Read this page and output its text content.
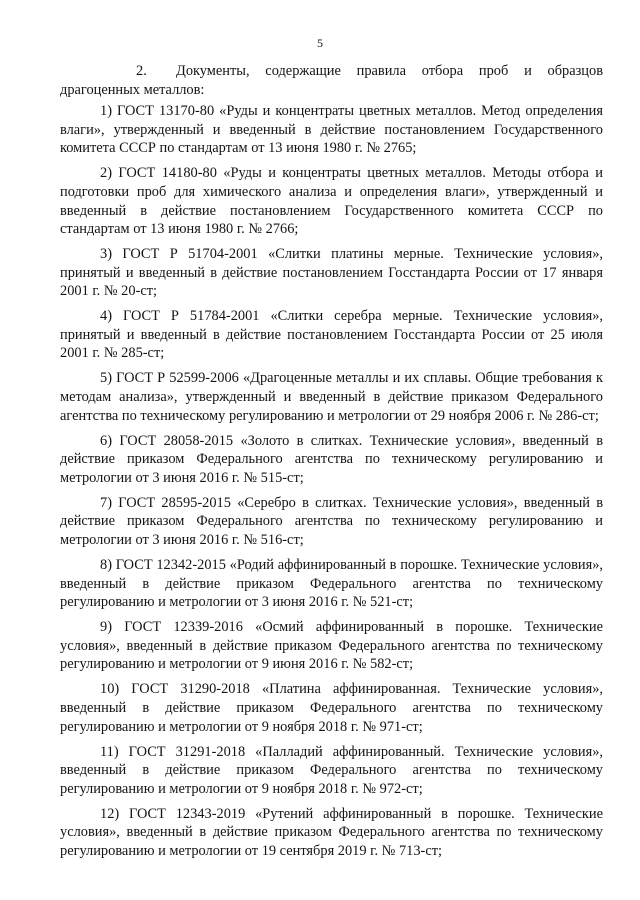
5

2. Документы, содержащие правила отбора проб и образцов драгоценных металлов:

1) ГОСТ 13170-80 «Руды и концентраты цветных металлов. Метод определения влаги», утвержденный и введенный в действие постановлением Государственного комитета СССР по стандартам от 13 июня 1980 г. № 2765;

2) ГОСТ 14180-80 «Руды и концентраты цветных металлов. Методы отбора и подготовки проб для химического анализа и определения влаги», утвержденный и введенный в действие постановлением Государственного комитета СССР по стандартам от 13 июня 1980 г. № 2766;

3) ГОСТ Р 51704-2001 «Слитки платины мерные. Технические условия», принятый и введенный в действие постановлением Госстандарта России от 17 января 2001 г. № 20-ст;

4) ГОСТ Р 51784-2001 «Слитки серебра мерные. Технические условия», принятый и введенный в действие постановлением Госстандарта России от 25 июля 2001 г. № 285-ст;

5) ГОСТ Р 52599-2006 «Драгоценные металлы и их сплавы. Общие требования к методам анализа», утвержденный и введенный в действие приказом Федерального агентства по техническому регулированию и метрологии от 29 ноября 2006 г. № 286-ст;

6) ГОСТ 28058-2015 «Золото в слитках. Технические условия», введенный в действие приказом Федерального агентства по техническому регулированию и метрологии от 3 июня 2016 г. № 515-ст;

7) ГОСТ 28595-2015 «Серебро в слитках. Технические условия», введенный в действие приказом Федерального агентства по техническому регулированию и метрологии от 3 июня 2016 г. № 516-ст;

8) ГОСТ 12342-2015 «Родий аффинированный в порошке. Технические условия», введенный в действие приказом Федерального агентства по техническому регулированию и метрологии от 3 июня 2016 г. № 521-ст;

9) ГОСТ 12339-2016 «Осмий аффинированный в порошке. Технические условия», введенный в действие приказом Федерального агентства по техническому регулированию и метрологии от 9 июня 2016 г. № 582-ст;

10) ГОСТ 31290-2018 «Платина аффинированная. Технические условия», введенный в действие приказом Федерального агентства по техническому регулированию и метрологии от 9 ноября 2018 г. № 971-ст;

11) ГОСТ 31291-2018 «Палладий аффинированный. Технические условия», введенный в действие приказом Федерального агентства по техническому регулированию и метрологии от 9 ноября 2018 г. № 972-ст;

12) ГОСТ 12343-2019 «Рутений аффинированный в порошке. Технические условия», введенный в действие приказом Федерального агентства по техническому регулированию и метрологии от 19 сентября 2019 г. № 713-ст;
